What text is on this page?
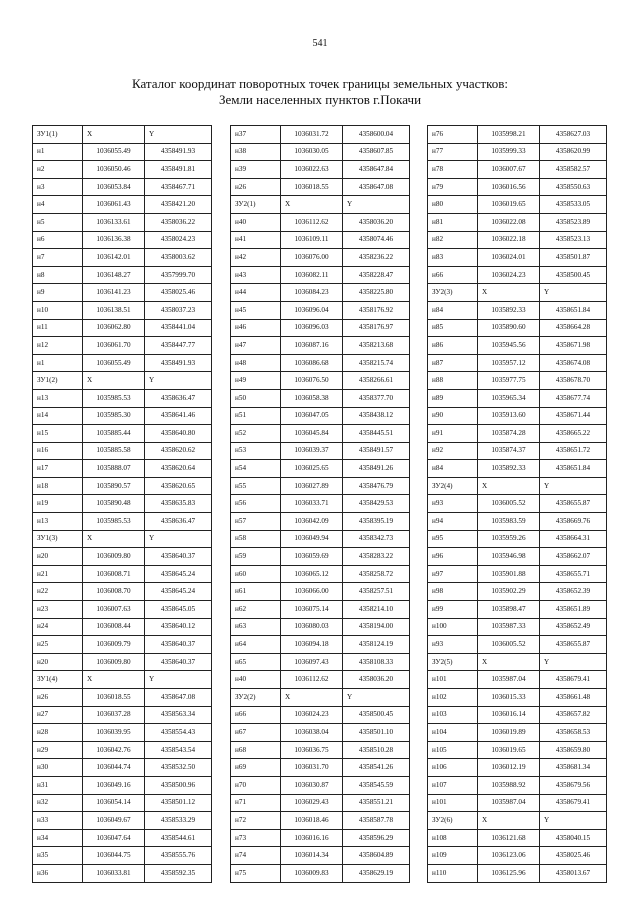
541
Каталог координат поворотных точек границы земельных участков:
Земли населенных пунктов г.Покачи
ЗУ1(1)	X	Y
н1	1036055.49	4358491.93
н2	1036050.46	4358491.81
н3	1036053.84	4358467.71
н4	1036061.43	4358421.20
н5	1036133.61	4358036.22
н6	1036136.38	4358024.23
н7	1036142.01	4358003.62
н8	1036148.27	4357999.70
н9	1036141.23	4358025.46
н10	1036138.51	4358037.23
н11	1036062.80	4358441.04
н12	1036061.70	4358447.77
н1	1036055.49	4358491.93
ЗУ1(2)	X	Y
н13	1035985.53	4358636.47
н14	1035985.30	4358641.46
н15	1035885.44	4358640.80
н16	1035885.58	4358620.62
н17	1035888.07	4358620.64
н18	1035890.57	4358620.65
н19	1035890.48	4358635.83
н13	1035985.53	4358636.47
ЗУ1(3)	X	Y
н20	1036009.80	4358640.37
н21	1036008.71	4358645.24
н22	1036008.70	4358645.24
н23	1036007.63	4358645.05
н24	1036008.44	4358640.12
н25	1036009.79	4358640.37
н20	1036009.80	4358640.37
ЗУ1(4)	X	Y
н26	1036018.55	4358647.08
н27	1036037.28	4358563.34
н28	1036039.95	4358554.43
н29	1036042.76	4358543.54
н30	1036044.74	4358532.50
н31	1036049.16	4358500.96
н32	1036054.14	4358501.12
н33	1036049.67	4358533.29
н34	1036047.64	4358544.61
н35	1036044.75	4358555.76
н36	1036033.81	4358592.35
н37	1036031.72	4358600.04
н38	1036030.05	4358607.85
н39	1036022.63	4358647.84
н26	1036018.55	4358647.08
ЗУ2(1)	X	Y
н40	1036112.62	4358036.20
н41	1036109.11	4358074.46
н42	1036076.00	4358236.22
н43	1036082.11	4358228.47
н44	1036084.23	4358225.80
н45	1036096.04	4358176.92
н46	1036096.03	4358176.97
н47	1036087.16	4358213.68
н48	1036086.68	4358215.74
н49	1036076.50	4358266.61
н50	1036058.38	4358377.70
н51	1036047.05	4358438.12
н52	1036045.84	4358445.51
н53	1036039.37	4358491.57
н54	1036025.65	4358491.26
н55	1036027.89	4358476.79
н56	1036033.71	4358429.53
н57	1036042.09	4358395.19
н58	1036049.94	4358342.73
н59	1036059.69	4358283.22
н60	1036065.12	4358258.72
н61	1036066.00	4358257.51
н62	1036075.14	4358214.10
н63	1036080.03	4358194.00
н64	1036094.18	4358124.19
н65	1036097.43	4358108.33
н40	1036112.62	4358036.20
ЗУ2(2)	X	Y
н66	1036024.23	4358500.45
н67	1036038.04	4358501.10
н68	1036036.75	4358510.28
н69	1036031.70	4358541.26
н70	1036030.87	4358545.59
н71	1036029.43	4358551.21
н72	1036018.46	4358587.78
н73	1036016.16	4358596.29
н74	1036014.34	4358604.89
н75	1036009.83	4358629.19
н76	1035998.21	4358627.03
н77	1035999.33	4358620.99
н78	1036007.67	4358582.57
н79	1036016.56	4358550.63
н80	1036019.65	4358533.05
н81	1036022.08	4358523.89
н82	1036022.18	4358523.13
н83	1036024.01	4358501.87
н66	1036024.23	4358500.45
ЗУ2(3)	X	Y
н84	1035892.33	4358651.84
н85	1035890.60	4358664.28
н86	1035945.56	4358671.98
н87	1035957.12	4358674.08
н88	1035977.75	4358678.70
н89	1035965.34	4358677.74
н90	1035913.60	4358671.44
н91	1035874.28	4358665.22
н92	1035874.37	4358651.72
н84	1035892.33	4358651.84
ЗУ2(4)	X	Y
н93	1036005.52	4358655.87
н94	1035983.59	4358669.76
н95	1035959.26	4358664.31
н96	1035946.98	4358662.07
н97	1035901.88	4358655.71
н98	1035902.29	4358652.39
н99	1035898.47	4358651.89
н100	1035987.33	4358652.49
н93	1036005.52	4358655.87
ЗУ2(5)	X	Y
н101	1035987.04	4358679.41
н102	1036015.33	4358661.48
н103	1036016.14	4358657.82
н104	1036019.89	4358658.53
н105	1036019.65	4358659.80
н106	1036012.19	4358681.34
н107	1035988.92	4358679.56
н101	1035987.04	4358679.41
ЗУ2(6)	X	Y
н108	1036121.68	4358040.15
н109	1036123.06	4358025.46
н110	1036125.96	4358013.67
